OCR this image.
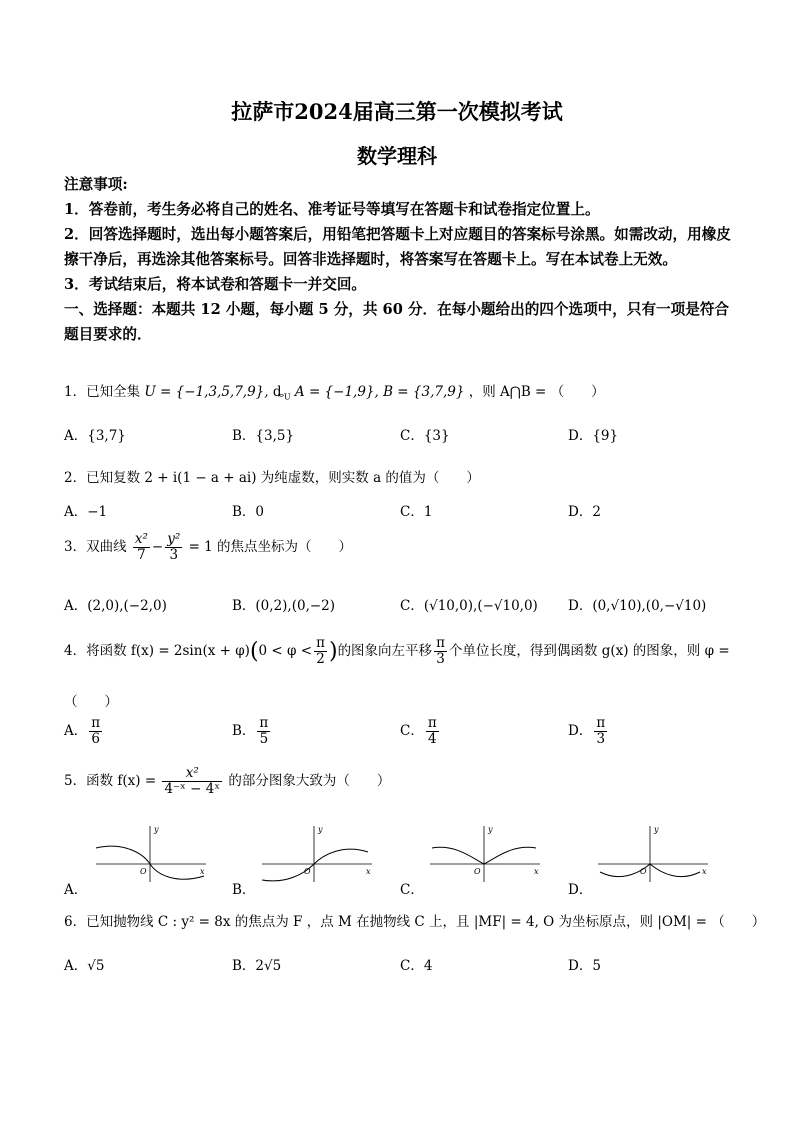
拉萨市2024届高三第一次模拟考试
数学理科
注意事项:
1．答卷前，考生务必将自己的姓名、准考证号等填写在答题卡和试卷指定位置上。
2．回答选择题时，选出每小题答案后，用铅笔把答题卡上对应题目的答案标号涂黑。如需改动，用橡皮擦干净后，再选涂其他答案标号。回答非选择题时，将答案写在答题卡上。写在本试卷上无效。
3．考试结束后，将本试卷和答题卡一并交回。
一、选择题：本题共 12 小题，每小题 5 分，共 60 分．在每小题给出的四个选项中，只有一项是符合题目要求的．
1．已知全集 U = {−1,3,5,7,9}, $ȡ_U$ A = {−1,9}, B = {3,7,9} ，则 A⋂B = （　　）
A．{3,7}	B．{3,5}	C．{3}	D．{9}
2．已知复数 2 + i(1 − a + ai) 为纯虚数，则实数 a 的值为（　　）
A．−1	B．0	C．1	D．2
3．双曲线 $\frac{\text{x²}}{7} - \frac{\text{y²}}{3} = 1$ 的焦点坐标为（　　）
A．(2,0),(−2,0)	B．(0,2),(0,−2)	C．(√10,0),(−√10,0) D．(0,√10),(0,−√10)
4．将函数 $f(x) = 2\sin(x + \varphi)(0 < \varphi < \frac{\pi}{2}$ )的图象向左平移 $\frac{\pi}{3}$ 个单位长度，得到偶函数 g(x) 的图象，则 φ =
（　　）
A． $\frac{\pi}{6}$	B． $\frac{\pi}{5}$	C． $\frac{\pi}{4}$	D． $\frac{\pi}{3}$
5．函数 $f(x) = \frac{\text{x²}}{\text{4⁻ˣ − 4ˣ}}$ 的部分图象大致为（　　）
y
x
O
y
x
O
y
x
O
y
x
O
A．	B．	C．	D．
6．已知抛物线 C : y² = 8x 的焦点为 F ，点 M 在抛物线 C 上，且 |MF| = 4, O 为坐标原点，则 |OM| = （　　）
A．√5	B．2√5	C．4	D．5
